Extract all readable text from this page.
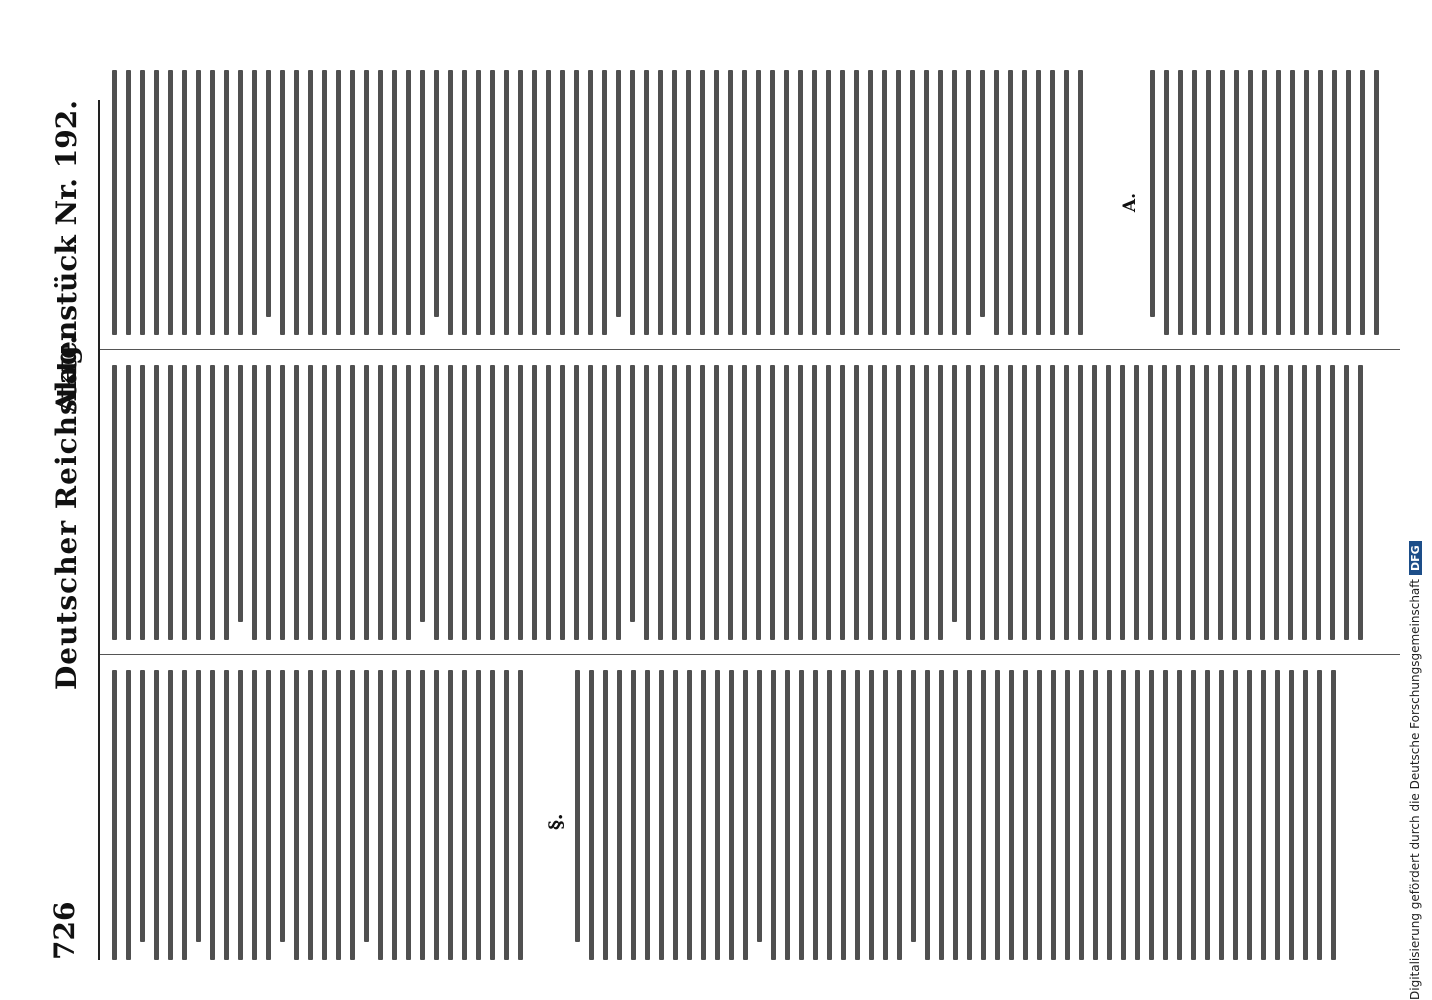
726
Deutscher Reichstag.
Aktenstück Nr. 192.
§.
A.
Digitalisierung gefördert durch die Deutsche ForschungsgemeinschaftDFG
